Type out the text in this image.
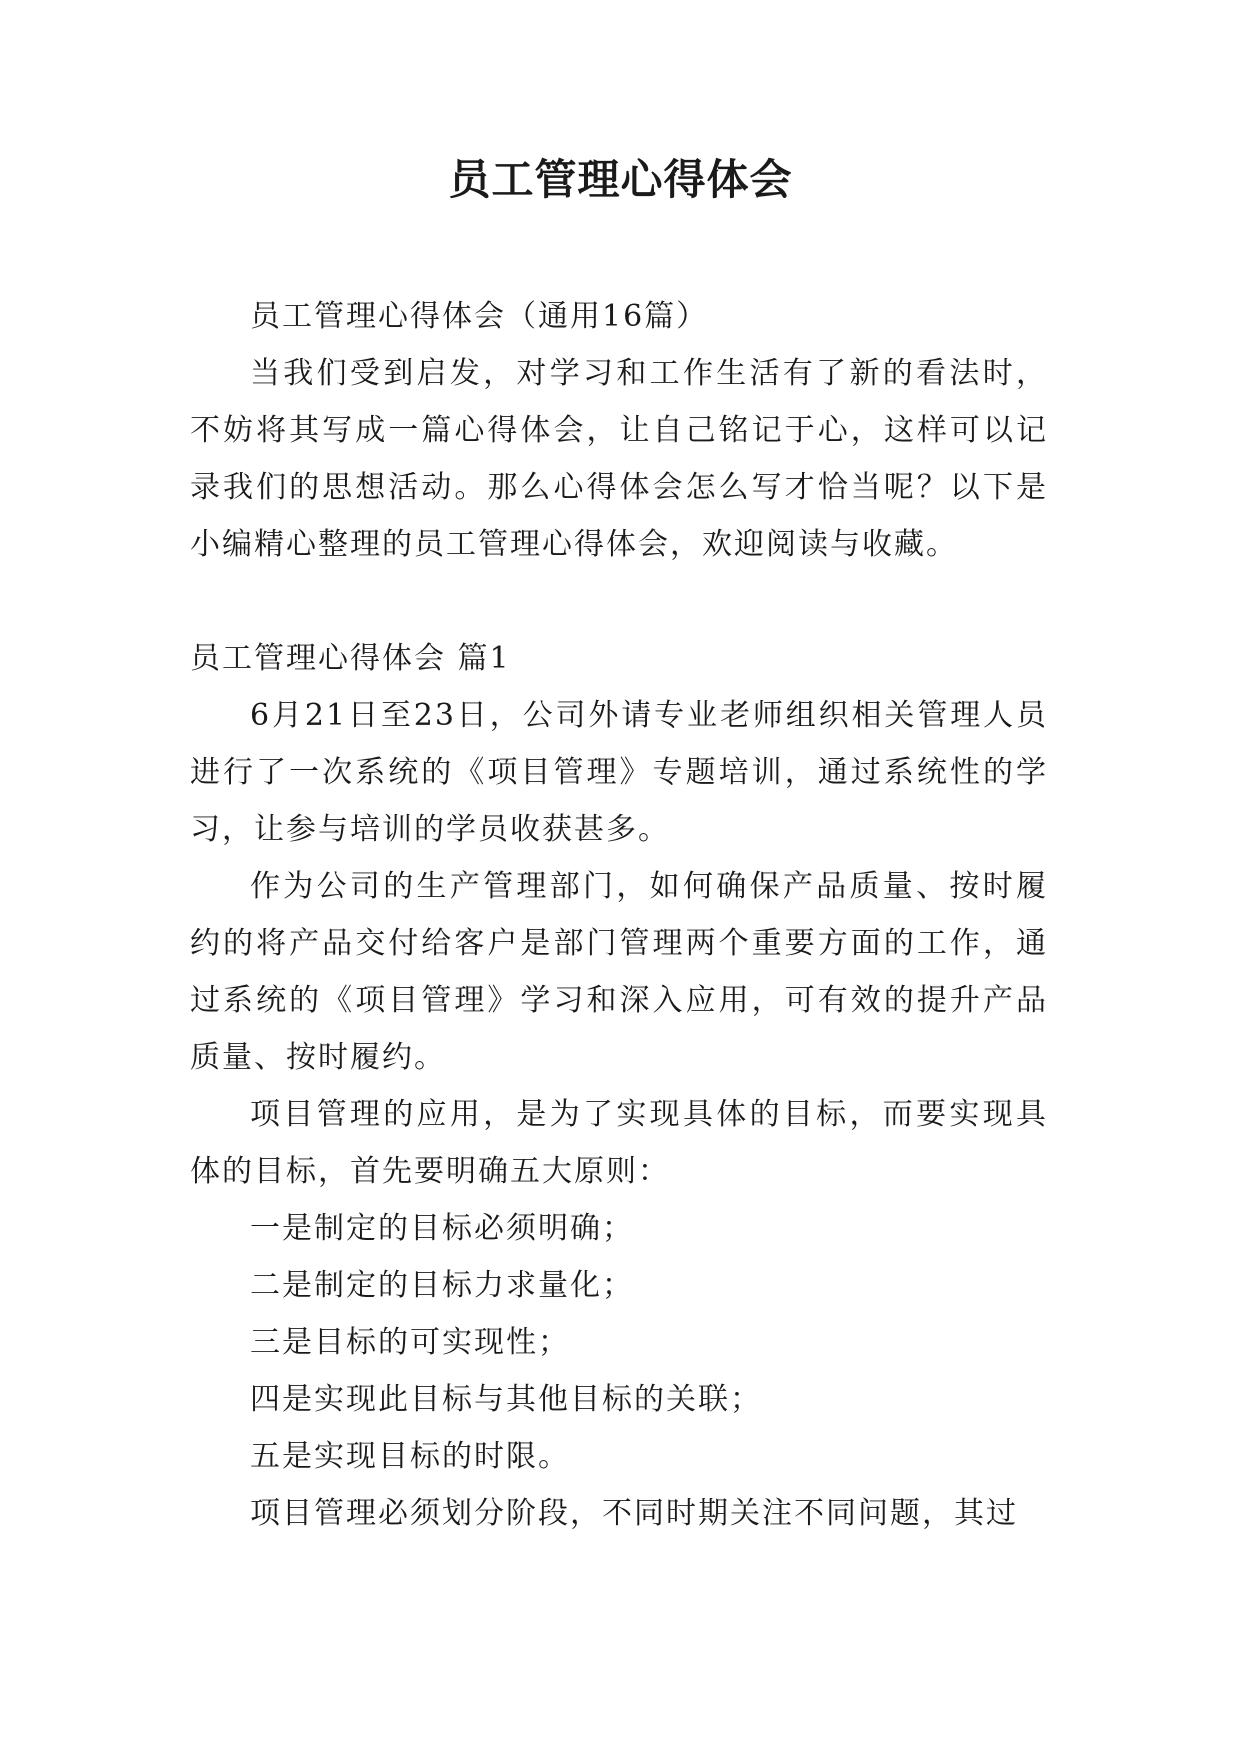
员工管理心得体会

员工管理心得体会（通用16篇）

当我们受到启发，对学习和工作生活有了新的看法时，不妨将其写成一篇心得体会，让自己铭记于心，这样可以记录我们的思想活动。那么心得体会怎么写才恰当呢？以下是小编精心整理的员工管理心得体会，欢迎阅读与收藏。

员工管理心得体会 篇1

6月21日至23日，公司外请专业老师组织相关管理人员进行了一次系统的《项目管理》专题培训，通过系统性的学习，让参与培训的学员收获甚多。

作为公司的生产管理部门，如何确保产品质量、按时履约的将产品交付给客户是部门管理两个重要方面的工作，通过系统的《项目管理》学习和深入应用，可有效的提升产品质量、按时履约。

项目管理的应用，是为了实现具体的目标，而要实现具体的目标，首先要明确五大原则：

一是制定的目标必须明确；

二是制定的目标力求量化；

三是目标的可实现性；

四是实现此目标与其他目标的关联；

五是实现目标的时限。

项目管理必须划分阶段，不同时期关注不同问题，其过
